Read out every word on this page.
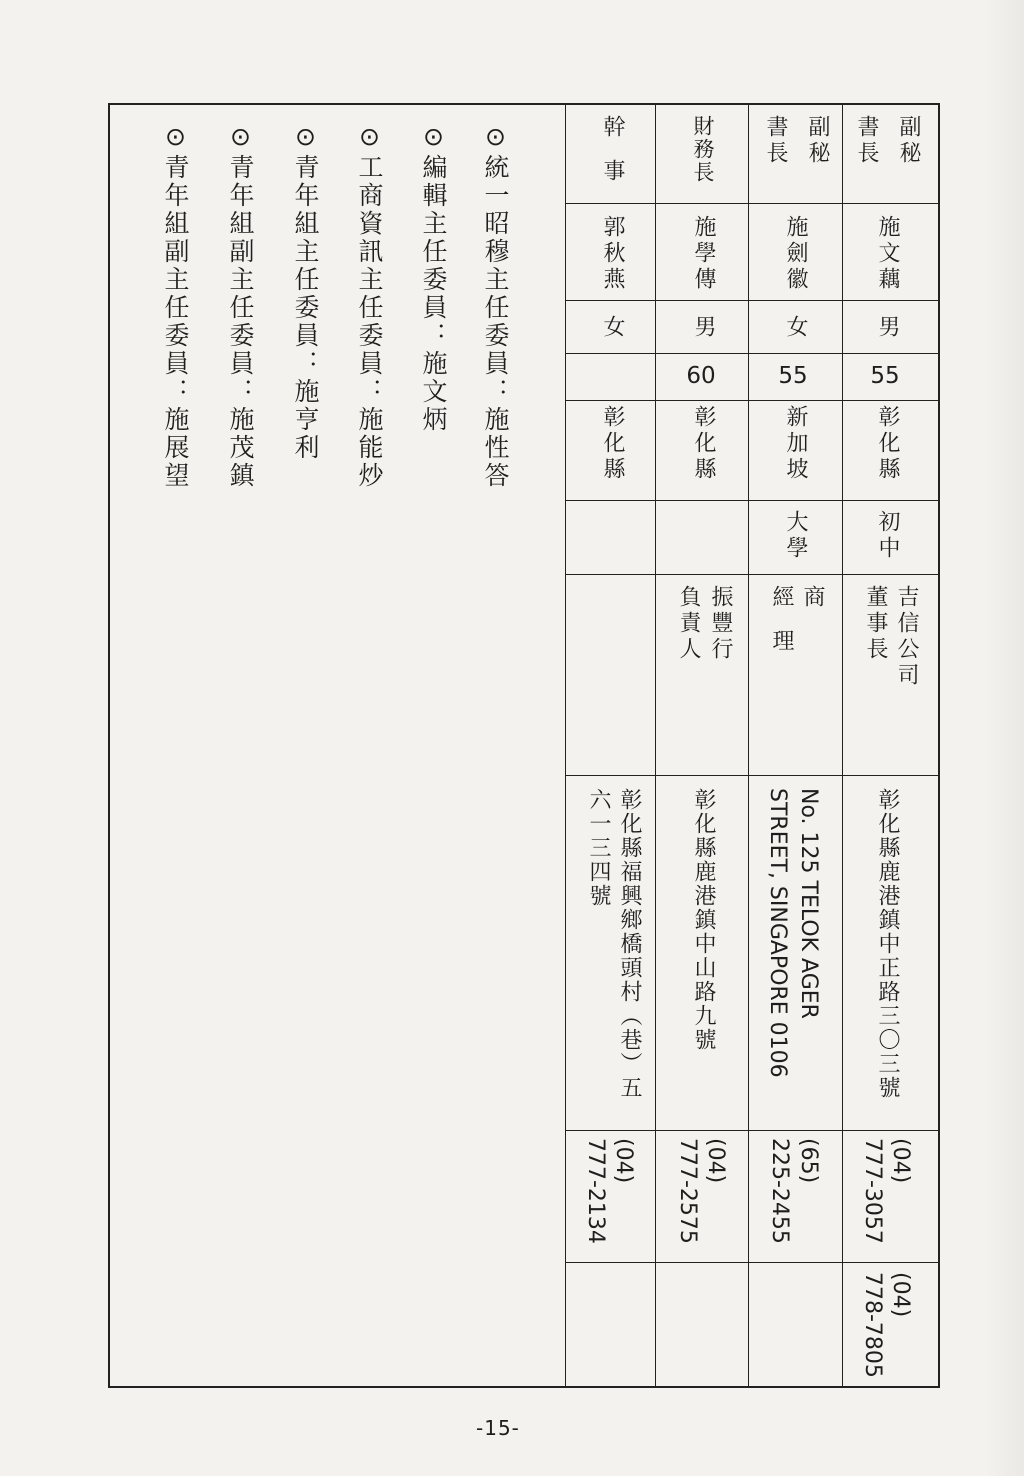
副秘
書長
施文藕
男
55
彰化縣
初中
吉信公司
董事長
彰化縣鹿港鎮中正路三〇三號
(04)
777-3057
(04)
778-7805
副秘
書長
施劍徽
女
55
新加坡
大學
商
經理
No. 125 TELOK AGER
STREET, SINGAPORE 0106
(65)
225-2455
財務長
施學傳
男
60
彰化縣
振豐行
負責人
彰化縣鹿港鎮中山路九號
(04)
777-2575
幹事
郭秋燕
女
彰化縣
彰化縣福興鄉橋頭村（巷）五
六一三四號
(04)
777-2134
⊙統一昭穆主任委員：施性答
⊙編輯主任委員：施文炳
⊙工商資訊主任委員：施能炒
⊙青年組主任委員：施亨利
⊙青年組副主任委員：施茂鎮
⊙青年組副主任委員：施展望
-15-
